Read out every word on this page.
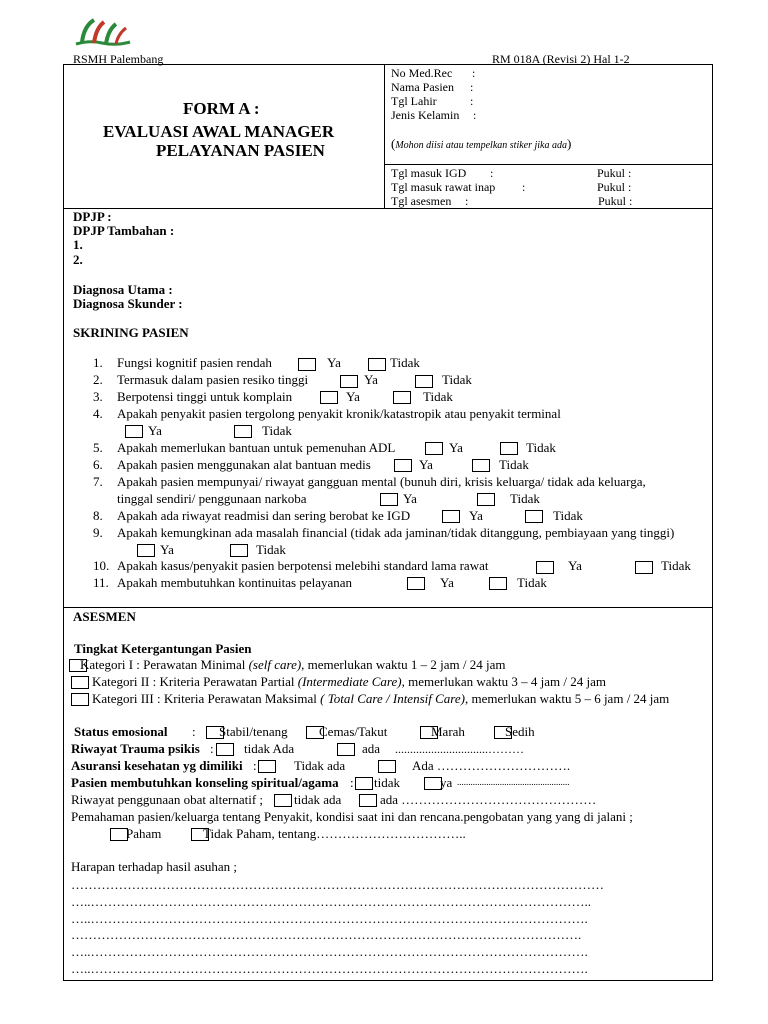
RSMH Palembang	RM 018A (Revisi 2) Hal 1-2
FORM A :
EVALUASI AWAL MANAGER
PELAYANAN PASIEN
No Med.Rec :
Nama Pasien :
Tgl Lahir	:
Jenis Kelamin :
(Mohon diisi atau tempelkan stiker jika ada)
Tgl masuk IGD :	Pukul :
Tgl masuk rawat inap :	Pukul :
Tgl asesmen :	Pukul :
DPJP :
DPJP Tambahan :
1.
2.
Diagnosa Utama :
Diagnosa Skunder :
SKRINING PASIEN
1. Fungsi kognitif pasien rendah	Ya	Tidak
2. Termasuk dalam pasien resiko tinggi	Ya	Tidak
3. Berpotensi tinggi untuk komplain	Ya	Tidak
4. Apakah penyakit pasien tergolong penyakit kronik/katastropik atau penyakit terminal
Ya	Tidak
5. Apakah memerlukan bantuan untuk pemenuhan ADL	Ya	Tidak
6. Apakah pasien menggunakan alat bantuan medis	Ya	Tidak
7. Apakah pasien mempunyai/ riwayat gangguan mental (bunuh diri, krisis keluarga/ tidak ada keluarga,
tinggal sendiri/ penggunaan narkoba	Ya	Tidak
8. Apakah ada riwayat readmisi dan sering berobat ke IGD	Ya	Tidak
9. Apakah kemungkinan ada masalah financial (tidak ada jaminan/tidak ditanggung, pembiayaan yang tinggi)
Ya	Tidak
10. Apakah kasus/penyakit pasien berpotensi melebihi standard lama rawat	Ya	Tidak
11. Apakah membutuhkan kontinuitas pelayanan	Ya	Tidak
ASESMEN
Tingkat Ketergantungan Pasien
Kategori I : Perawatan Minimal (self care), memerlukan waktu 1 – 2 jam / 24 jam
Kategori II : Kriteria Perawatan Partial (Intermediate Care), memerlukan waktu 3 – 4 jam / 24 jam
Kategori III : Kriteria Perawatan Maksimal ( Total Care / Intensif Care), memerlukan waktu 5 – 6 jam / 24 jam
Status emosional : Stabil/tenang Cemas/Takut	Marah	Sedih
Riwayat Trauma psikis : tidak Ada	ada ...............................………
Asuransi kesehatan yg dimiliki :	Tidak ada	Ada ………………………….
Pasien membutuhkan konseling spiritual/agama : tidak	ya ..................................................
Riwayat penggunaan obat alternatif ; tidak ada	ada ………………………………………
Pemahaman pasien/keluarga tentang Penyakit, kondisi saat ini dan rencana.pengobatan yang yang di jalani ;
Paham	Tidak Paham, tentang……………………………..
Harapan terhadap hasil asuhan ;
……………………………………………………………………………………………………………
…..……………………………………………………………………………………………………..
…..…………………………………………………………………………………………………….
……………………………………………………………………………………………………….
…..…………………………………………………………………………………………………….
…..…………………………………………………………………………………………………….
